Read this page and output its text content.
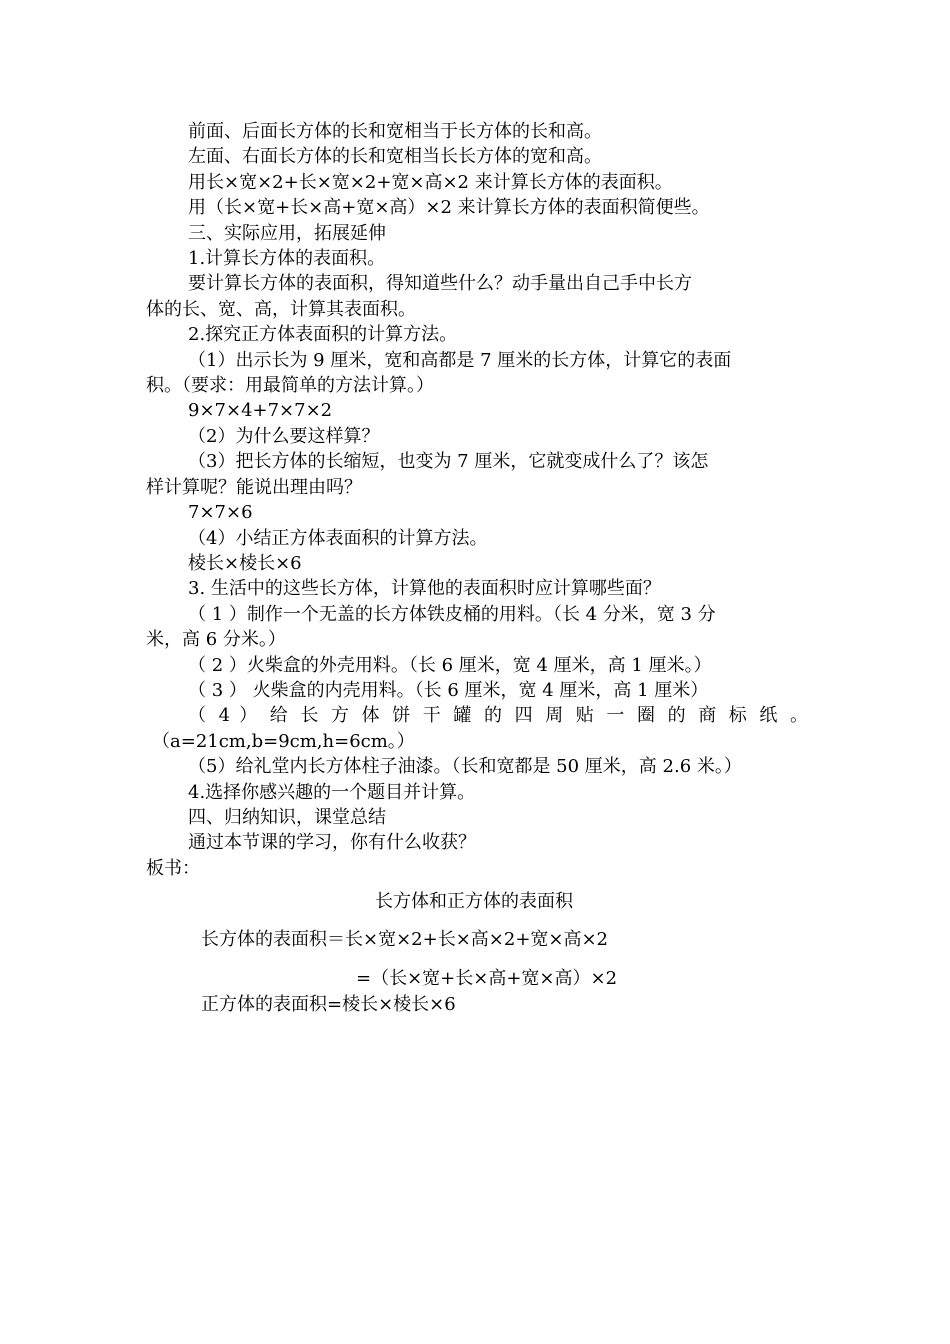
前面、后面长方体的长和宽相当于长方体的长和高。

左面、右面长方体的长和宽相当长长方体的宽和高。

用长×宽×2+长×宽×2+宽×高×2 来计算长方体的表面积。

用（长×宽+长×高+宽×高）×2 来计算长方体的表面积简便些。

三、实际应用，拓展延伸

1.计算长方体的表面积。

要计算长方体的表面积，得知道些什么？动手量出自己手中长方

体的长、宽、高，计算其表面积。

2.探究正方体表面积的计算方法。

（1）出示长为 9 厘米，宽和高都是 7 厘米的长方体，计算它的表面

积。（要求：用最简单的方法计算。）

9×7×4+7×7×2

（2）为什么要这样算？

（3）把长方体的长缩短，也变为 7 厘米，它就变成什么了？该怎

样计算呢？能说出理由吗？

7×7×6

（4）小结正方体表面积的计算方法。

棱长×棱长×6

3. 生活中的这些长方体，计算他的表面积时应计算哪些面？

（ 1 ）制作一个无盖的长方体铁皮桶的用料。（长 4 分米，宽 3 分

米，高 6 分米。）

（ 2 ）火柴盒的外壳用料。（长 6 厘米，宽 4 厘米，高 1 厘米。）

（ 3 ） 火柴盒的内壳用料。（长 6 厘米，宽 4 厘米，高 1 厘米）

（ 4 ） 给 长 方 体 饼 干 罐 的 四 周 贴 一 圈 的 商 标 纸 。

（a=21cm,b=9cm,h=6cm。）

（5）给礼堂内长方体柱子油漆。（长和宽都是 50 厘米，高 2.6 米。）

4.选择你感兴趣的一个题目并计算。

四、归纳知识，课堂总结

通过本节课的学习，你有什么收获？

板书：

长方体和正方体的表面积
长方体的表面积＝长×宽×2+长×高×2+宽×高×2
=（长×宽+长×高+宽×高）×2
正方体的表面积=棱长×棱长×6
